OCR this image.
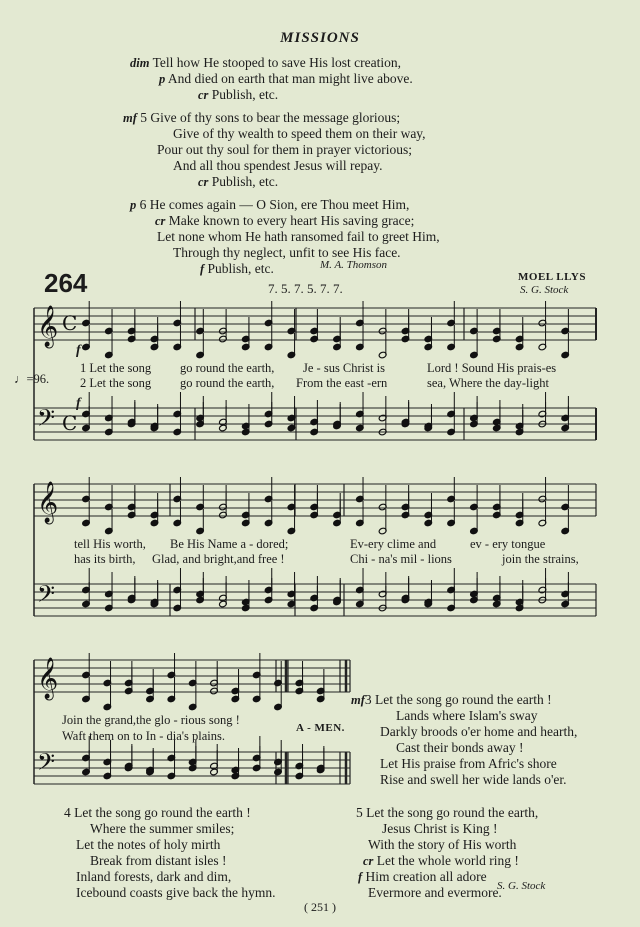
MISSIONS
dim Tell how He stooped to save His lost creation,
p And died on earth that man might live above.
cr Publish, etc.
mf 5 Give of thy sons to bear the message glorious;
Give of thy wealth to speed them on their way,
Pour out thy soul for them in prayer victorious;
And all thou spendest Jesus will repay.
cr Publish, etc.
p 6 He comes again — O Sion, ere Thou meet Him,
cr Make known to every heart His saving grace;
Let none whom He hath ransomed fail to greet Him,
Through thy neglect, unfit to see His face.
f Publish, etc.	M. A. Thomson
264	7. 5. 7. 5. 7. 7.
MOEL LLYS
S. G. Stock
𝄞
𝄢
C
C
𝄞
𝄢
𝄞
𝄢
f
♩=96.
1 Let the song go round the earth, Je - sus Christ is	Lord ! Sound His prais-es
2 Let the song go round the earth, From the east -ern	sea, Where the day-light
f
tell His worth, Be His Name a - dored;	Ev-ery clime and	ev - ery tongue
has its birth, Glad, and bright,and free !	Chi - na's mil - lions	join the strains,
Join the grand,the glo - rious song !
Waft them on to In - dia's plains.
A - MEN.
mf3 Let the song go round the earth !
Lands where Islam's sway
Darkly broods o'er home and hearth,
Cast their bonds away !
Let His praise from Afric's shore
Rise and swell her wide lands o'er.
4 Let the song go round the earth !
Where the summer smiles;
Let the notes of holy mirth
Break from distant isles !
Inland forests, dark and dim,
Icebound coasts give back the hymn.
5 Let the song go round the earth,
Jesus Christ is King !
With the story of His worth
cr Let the whole world ring !
f Him creation all adore
Evermore and evermore.
S. G. Stock
( 251 )
